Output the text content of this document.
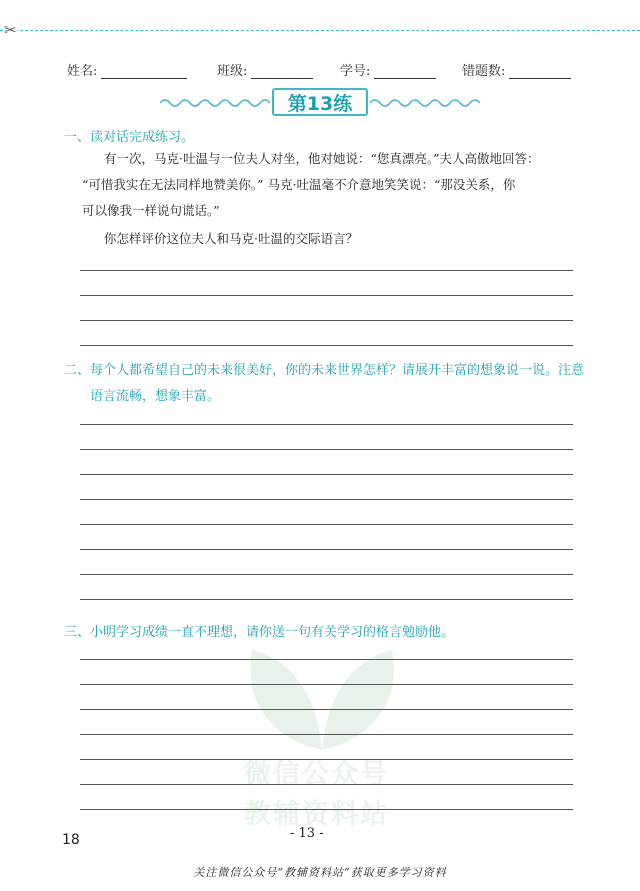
✂
姓名:	班级:	学号:	错题数:
第13练
一、读对话完成练习。
有一次，马克·吐温与一位夫人对坐，他对她说：“您真漂亮。”夫人高傲地回答：
“可惜我实在无法同样地赞美你。” 马克·吐温毫不介意地笑笑说：“那没关系，你
可以像我一样说句谎话。”
你怎样评价这位夫人和马克·吐温的交际语言？
二、每个人都希望自己的未来很美好，你的未来世界怎样？请展开丰富的想象说一说。注意
语言流畅，想象丰富。
微信公众号
教辅资料站
三、小明学习成绩一直不理想，请你送一句有关学习的格言勉励他。
18	- 13 -
关注微信公众号“教辅资料站”获取更多学习资料
